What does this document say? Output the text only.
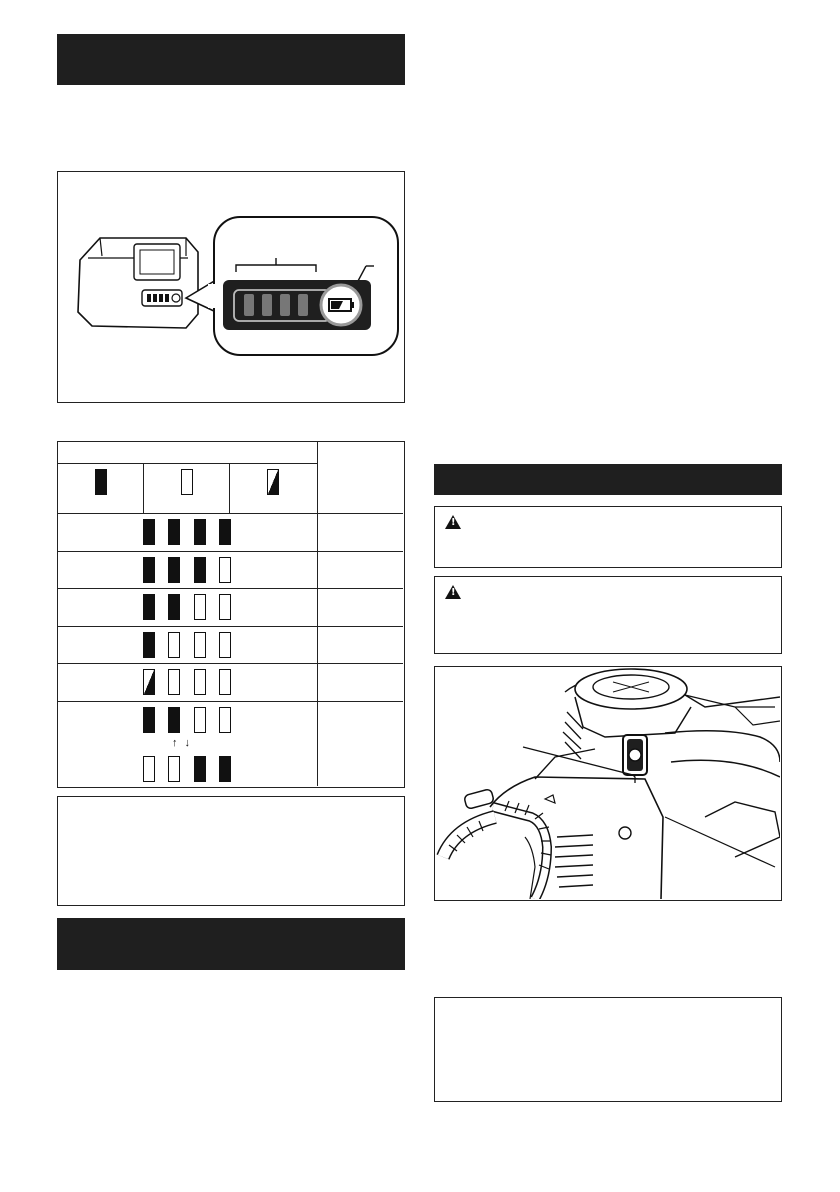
↑ ↓
!
!
